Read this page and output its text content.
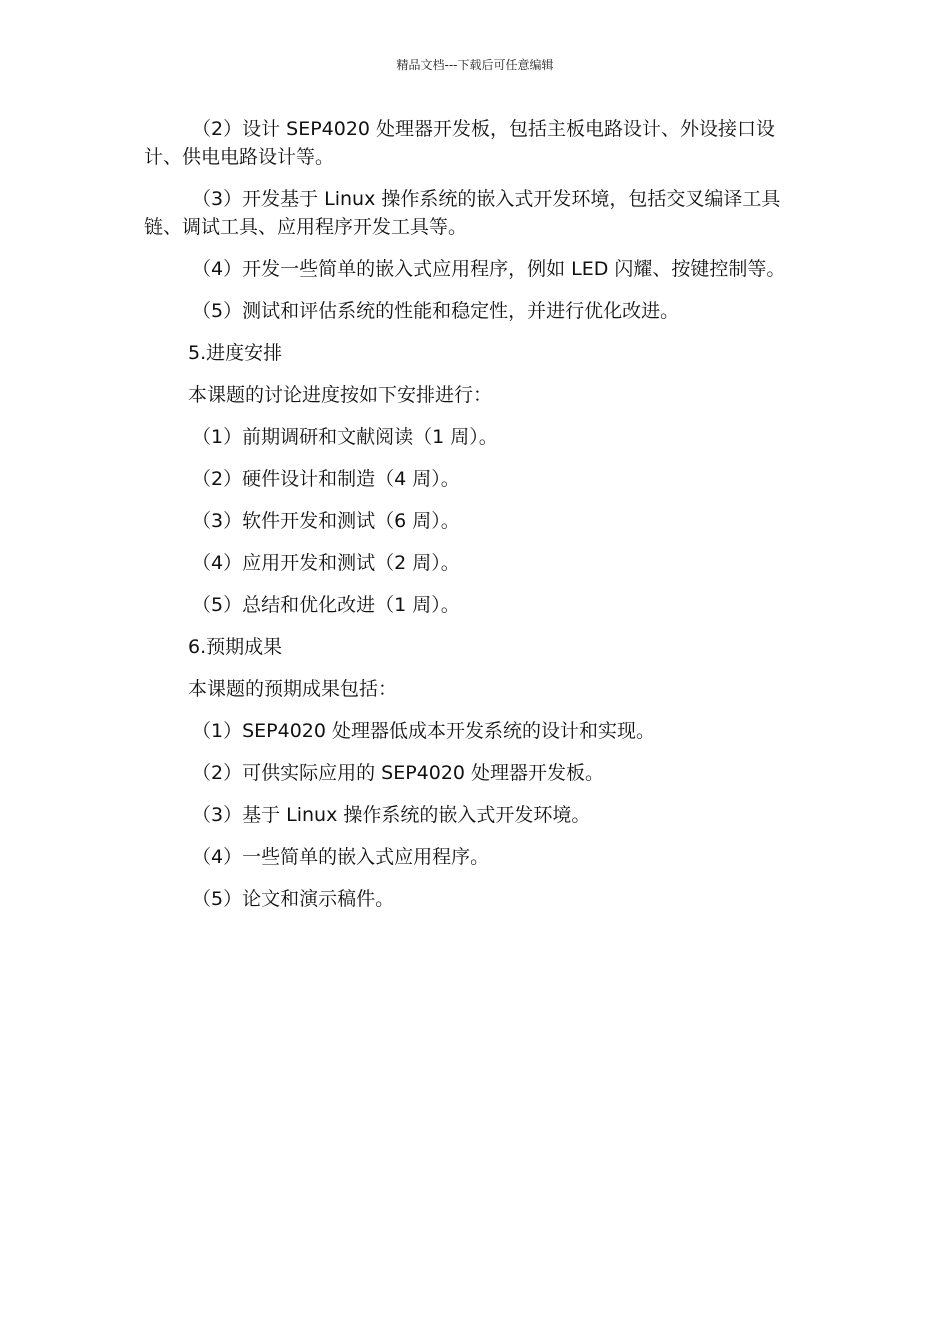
精品文档---下载后可任意编辑

（2）设计 SEP4020 处理器开发板，包括主板电路设计、外设接口设计、供电电路设计等。

（3）开发基于 Linux 操作系统的嵌入式开发环境，包括交叉编译工具链、调试工具、应用程序开发工具等。

（4）开发一些简单的嵌入式应用程序，例如 LED 闪耀、按键控制等。

（5）测试和评估系统的性能和稳定性，并进行优化改进。

5.进度安排

本课题的讨论进度按如下安排进行：

（1）前期调研和文献阅读（1 周）。

（2）硬件设计和制造（4 周）。

（3）软件开发和测试（6 周）。

（4）应用开发和测试（2 周）。

（5）总结和优化改进（1 周）。

6.预期成果

本课题的预期成果包括：

（1）SEP4020 处理器低成本开发系统的设计和实现。

（2）可供实际应用的 SEP4020 处理器开发板。

（3）基于 Linux 操作系统的嵌入式开发环境。

（4）一些简单的嵌入式应用程序。

（5）论文和演示稿件。
